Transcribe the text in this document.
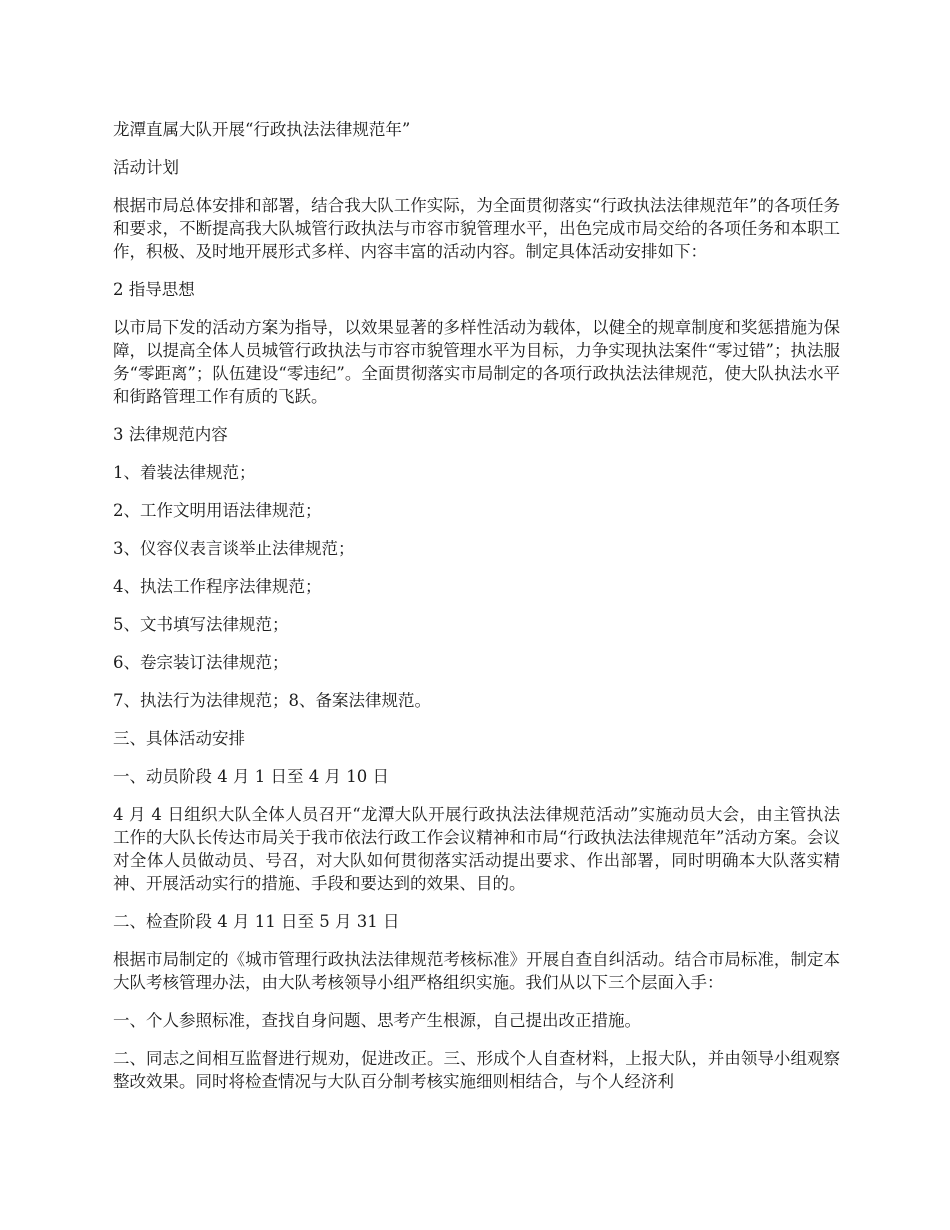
龙潭直属大队开展“行政执法法律规范年”

活动计划

根据市局总体安排和部署，结合我大队工作实际，为全面贯彻落实“行政执法法律规范年”的各项任务和要求，不断提高我大队城管行政执法与市容市貌管理水平，出色完成市局交给的各项任务和本职工作，积极、及时地开展形式多样、内容丰富的活动内容。制定具体活动安排如下：

2 指导思想

以市局下发的活动方案为指导，以效果显著的多样性活动为载体，以健全的规章制度和奖惩措施为保障，以提高全体人员城管行政执法与市容市貌管理水平为目标，力争实现执法案件“零过错”；执法服务“零距离”；队伍建设“零违纪”。全面贯彻落实市局制定的各项行政执法法律规范，使大队执法水平和街路管理工作有质的飞跃。

3 法律规范内容

1、着装法律规范；

2、工作文明用语法律规范；

3、仪容仪表言谈举止法律规范；

4、执法工作程序法律规范；

5、文书填写法律规范；

6、卷宗装订法律规范；

7、执法行为法律规范；8、备案法律规范。

三、具体活动安排

一、动员阶段 4 月 1 日至 4 月 10 日

4 月 4 日组织大队全体人员召开“龙潭大队开展行政执法法律规范活动”实施动员大会，由主管执法工作的大队长传达市局关于我市依法行政工作会议精神和市局“行政执法法律规范年”活动方案。会议对全体人员做动员、号召，对大队如何贯彻落实活动提出要求、作出部署，同时明确本大队落实精神、开展活动实行的措施、手段和要达到的效果、目的。

二、检查阶段 4 月 11 日至 5 月 31 日

根据市局制定的《城市管理行政执法法律规范考核标准》开展自查自纠活动。结合市局标准，制定本大队考核管理办法，由大队考核领导小组严格组织实施。我们从以下三个层面入手：

一、个人参照标准，查找自身问题、思考产生根源，自己提出改正措施。

二、同志之间相互监督进行规劝，促进改正。三、形成个人自查材料，上报大队，并由领导小组观察整改效果。同时将检查情况与大队百分制考核实施细则相结合，与个人经济利
